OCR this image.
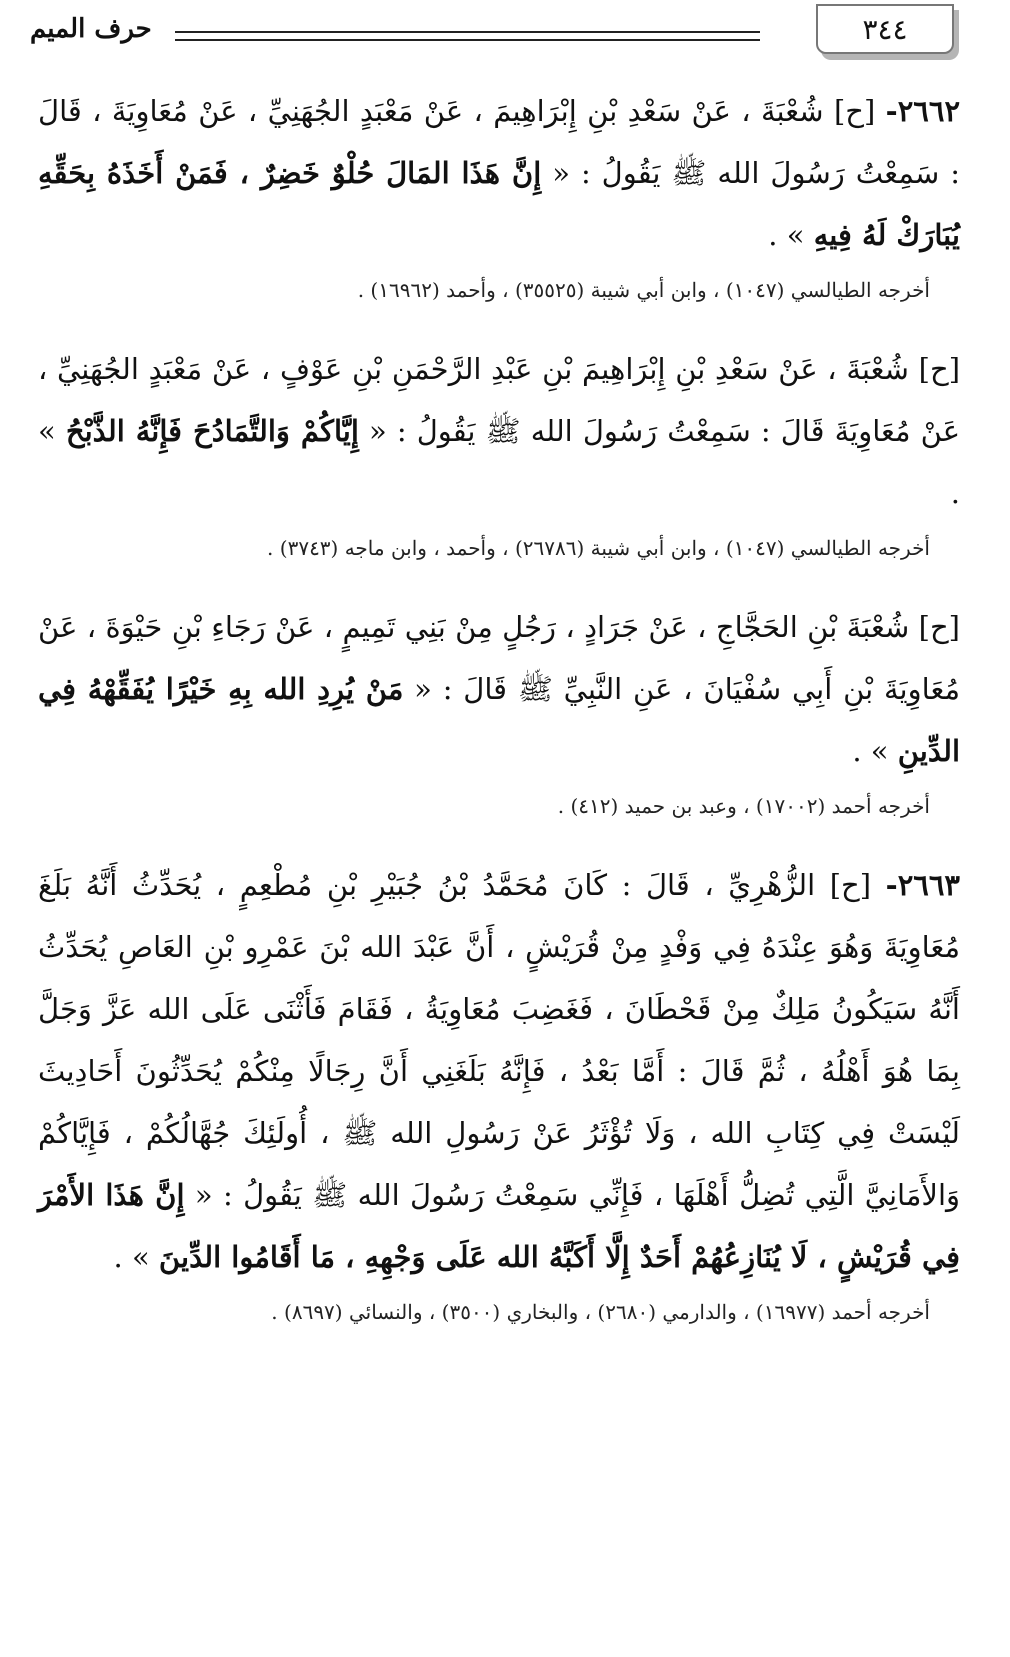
٣٤٤
حرف الميم

٢٦٦٢- [ح] شُعْبَةَ ، عَنْ سَعْدِ بْنِ إِبْرَاهِيمَ ، عَنْ مَعْبَدٍ الجُهَنِيِّ ، عَنْ مُعَاوِيَةَ ، قَالَ : سَمِعْتُ رَسُولَ الله ﷺ يَقُولُ : « إِنَّ هَذَا المَالَ حُلْوٌ خَضِرٌ ، فَمَنْ أَخَذَهُ بِحَقِّهِ يُبَارَكْ لَهُ فِيهِ » .

أخرجه الطيالسي (١٠٤٧) ، وابن أبي شيبة (٣٥٥٢٥) ، وأحمد (١٦٩٦٢) .

[ح] شُعْبَةَ ، عَنْ سَعْدِ بْنِ إِبْرَاهِيمَ بْنِ عَبْدِ الرَّحْمَنِ بْنِ عَوْفٍ ، عَنْ مَعْبَدٍ الجُهَنِيِّ ، عَنْ مُعَاوِيَةَ قَالَ : سَمِعْتُ رَسُولَ الله ﷺ يَقُولُ : « إِيَّاكُمْ وَالتَّمَادُحَ فَإِنَّهُ الذَّبْحُ » .

أخرجه الطيالسي (١٠٤٧) ، وابن أبي شيبة (٢٦٧٨٦) ، وأحمد ، وابن ماجه (٣٧٤٣) .

[ح] شُعْبَةَ بْنِ الحَجَّاجِ ، عَنْ جَرَادٍ ، رَجُلٍ مِنْ بَنِي تَمِيمٍ ، عَنْ رَجَاءِ بْنِ حَيْوَةَ ، عَنْ مُعَاوِيَةَ بْنِ أَبِي سُفْيَانَ ، عَنِ النَّبِيِّ ﷺ قَالَ : « مَنْ يُرِدِ الله بِهِ خَيْرًا يُفَقِّهْهُ فِي الدِّينِ » .

أخرجه أحمد (١٧٠٠٢) ، وعبد بن حميد (٤١٢) .

٢٦٦٣- [ح] الزُّهْرِيِّ ، قَالَ : كَانَ مُحَمَّدُ بْنُ جُبَيْرِ بْنِ مُطْعِمٍ ، يُحَدِّثُ أَنَّهُ بَلَغَ مُعَاوِيَةَ وَهُوَ عِنْدَهُ فِي وَفْدٍ مِنْ قُرَيْشٍ ، أَنَّ عَبْدَ الله بْنَ عَمْرِو بْنِ العَاصِ يُحَدِّثُ أَنَّهُ سَيَكُونُ مَلِكٌ مِنْ قَحْطَانَ ، فَغَضِبَ مُعَاوِيَةُ ، فَقَامَ فَأَثْنَى عَلَى الله عَزَّ وَجَلَّ بِمَا هُوَ أَهْلُهُ ، ثُمَّ قَالَ : أَمَّا بَعْدُ ، فَإِنَّهُ بَلَغَنِي أَنَّ رِجَالًا مِنْكُمْ يُحَدِّثُونَ أَحَادِيثَ لَيْسَتْ فِي كِتَابِ الله ، وَلَا تُؤْثَرُ عَنْ رَسُولِ الله ﷺ ، أُولَئِكَ جُهَّالُكُمْ ، فَإِيَّاكُمْ وَالأَمَانِيَّ الَّتِي تُضِلُّ أَهْلَهَا ، فَإِنِّي سَمِعْتُ رَسُولَ الله ﷺ يَقُولُ : « إِنَّ هَذَا الأَمْرَ فِي قُرَيْشٍ ، لَا يُنَازِعُهُمْ أَحَدٌ إِلَّا أَكَبَّهُ الله عَلَى وَجْهِهِ ، مَا أَقَامُوا الدِّينَ » .

أخرجه أحمد (١٦٩٧٧) ، والدارمي (٢٦٨٠) ، والبخاري (٣٥٠٠) ، والنسائي (٨٦٩٧) .
